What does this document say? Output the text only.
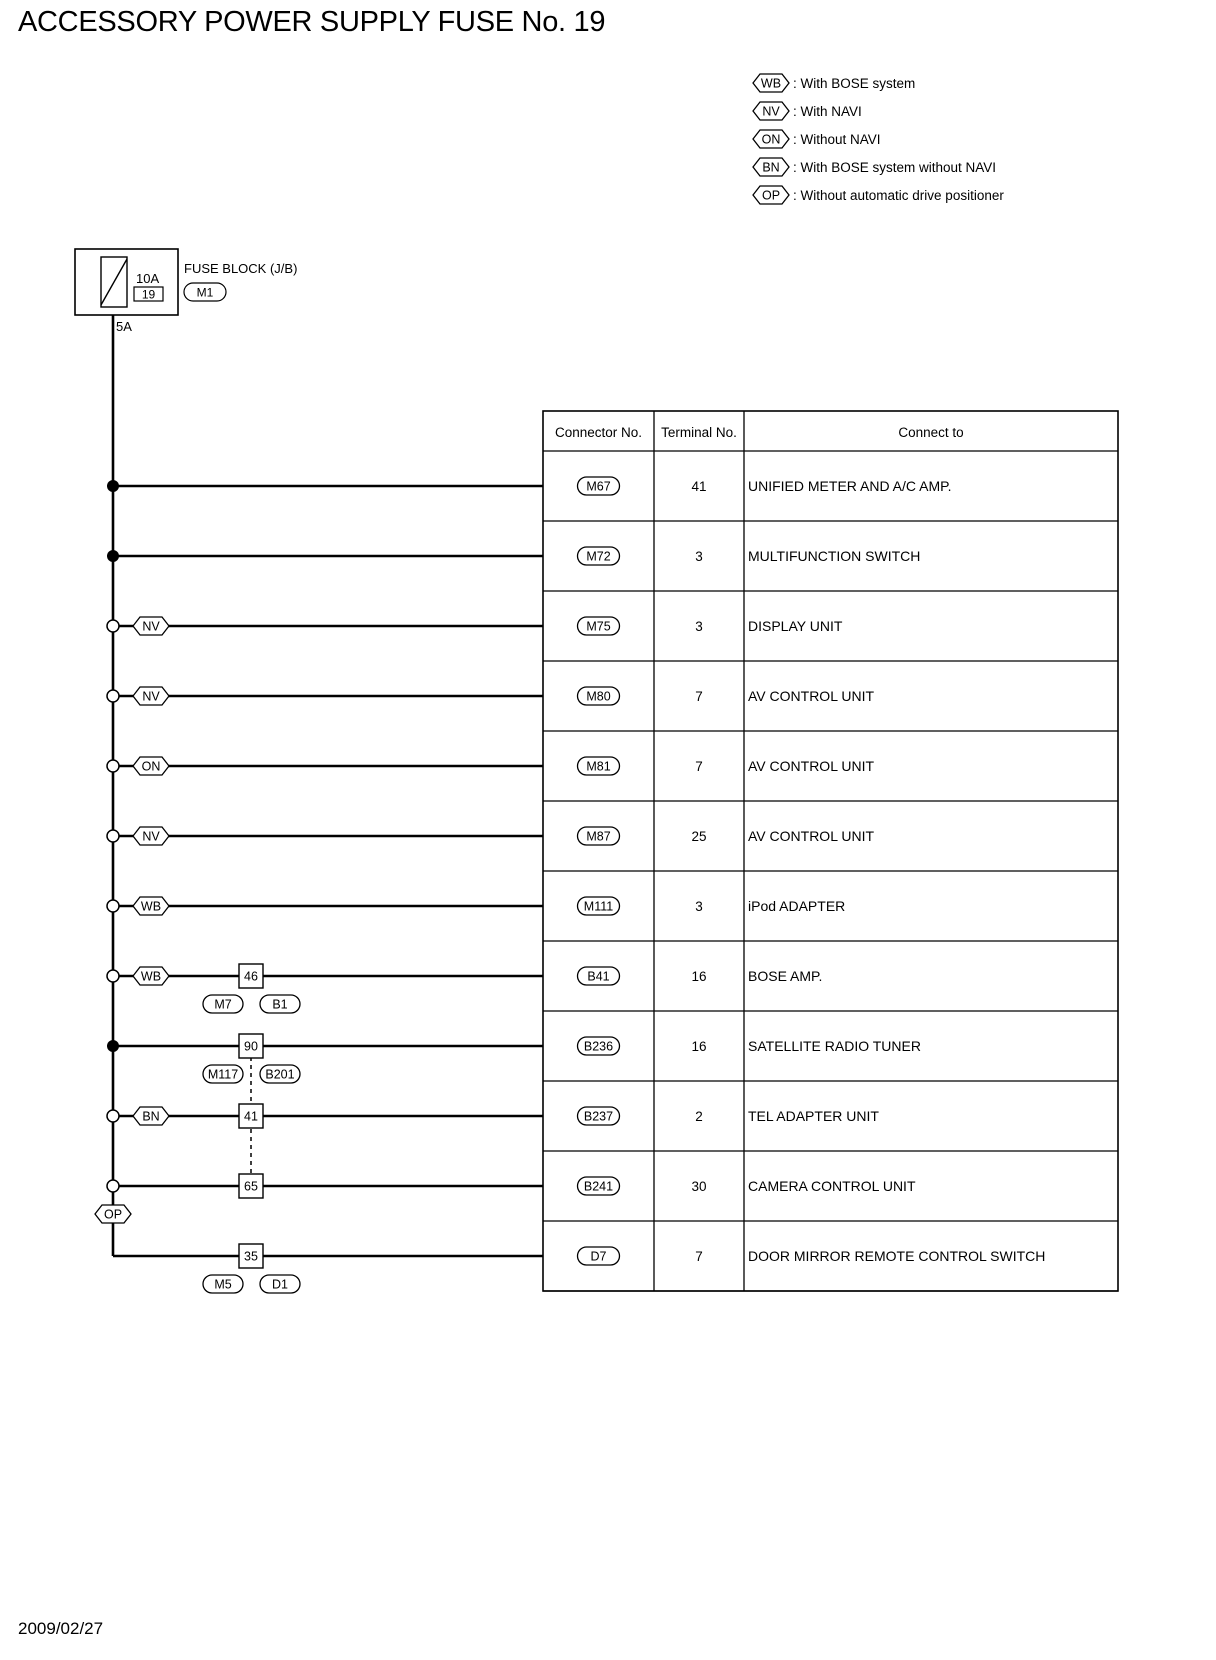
ACCESSORY POWER SUPPLY FUSE No. 19
2009/02/27
WB : With BOSE system
NV : With NAVI
ON : Without NAVI
BN : With BOSE system without NAVI
OP : Without automatic drive positioner
10A
19
FUSE BLOCK (J/B)
M1
5A
NV
NV
ON
NV
WB
WB
BN
OP
46
M7	B1
90
M117 B201
41
65
35
M5	D1
Connector No. Terminal No.	Connect to
M67	41	UNIFIED METER AND A/C AMP.
M72	3	MULTIFUNCTION SWITCH
M75	3	DISPLAY UNIT
M80	7	AV CONTROL UNIT
M81	7	AV CONTROL UNIT
M87	25	AV CONTROL UNIT
M111	3	iPod ADAPTER
B41	16	BOSE AMP.
B236	16	SATELLITE RADIO TUNER
B237	2	TEL ADAPTER UNIT
B241	30	CAMERA CONTROL UNIT
D7	7	DOOR MIRROR REMOTE CONTROL SWITCH
